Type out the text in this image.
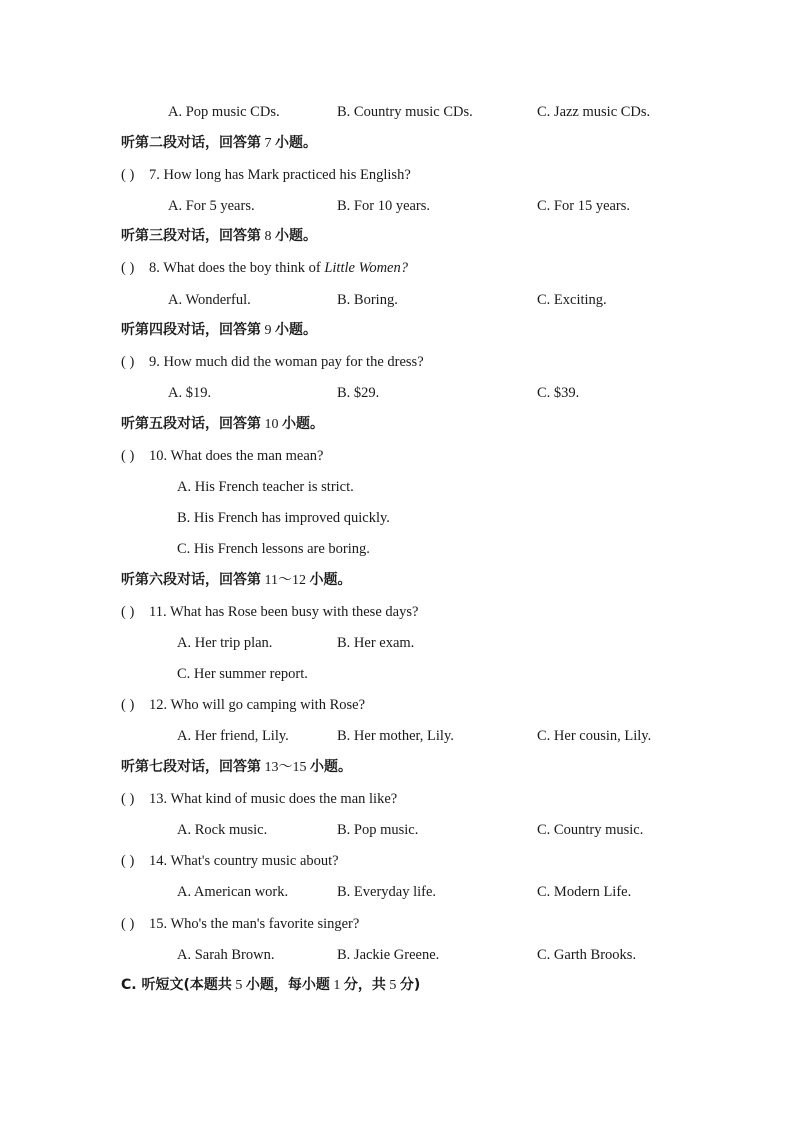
A. Pop music CDs.	B. Country music CDs.	C. Jazz music CDs.
听第二段对话，回答第 7 小题。
( ) 7. How long has Mark practiced his English?
A. For 5 years.	B. For 10 years.	C. For 15 years.
听第三段对话，回答第 8 小题。
( ) 8. What does the boy think of Little Women?
A. Wonderful.	B. Boring.	C. Exciting.
听第四段对话，回答第 9 小题。
( ) 9. How much did the woman pay for the dress?
A. $19.	B. $29.	C. $39.
听第五段对话，回答第 10 小题。
( ) 10. What does the man mean?
A. His French teacher is strict.
B. His French has improved quickly.
C. His French lessons are boring.
听第六段对话，回答第 11～12 小题。
( ) 11. What has Rose been busy with these days?
A. Her trip plan.	B. Her exam.
C. Her summer report.
( ) 12. Who will go camping with Rose?
A. Her friend, Lily.	B. Her mother, Lily.	C. Her cousin, Lily.
听第七段对话，回答第 13～15 小题。
( ) 13. What kind of music does the man like?
A. Rock music.	B. Pop music.	C. Country music.
( ) 14. What's country music about?
A. American work.	B. Everyday life.	C. Modern Life.
( ) 15. Who's the man's favorite singer?
A. Sarah Brown.	B. Jackie Greene.	C. Garth Brooks.
C. 听短文(本题共 5 小题，每小题 1 分，共 5 分)
